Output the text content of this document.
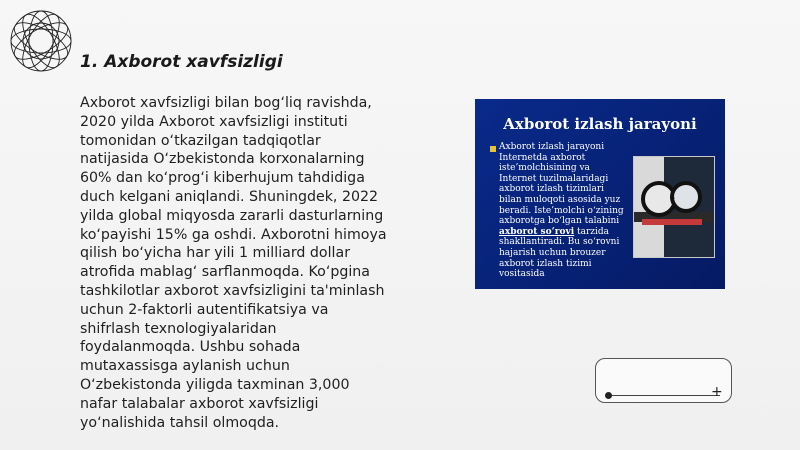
1. Axborot xavfsizligi

Axborot xavfsizligi bilan bog‘liq ravishda, 2020 yilda Axborot xavfsizligi instituti tomonidan o‘tkazilgan tadqiqotlar natijasida O‘zbekistonda korxonalarning 60% dan ko‘prog‘i kiberhujum tahdidiga duch kelgani aniqlandi. Shuningdek, 2022 yilda global miqyosda zararli dasturlarning ko‘payishi 15% ga oshdi. Axborotni himoya qilish bo‘yicha har yili 1 milliard dollar atrofida mablag‘ sarflanmoqda. Ko‘pgina tashkilotlar axborot xavfsizligini ta'minlash uchun 2-faktorli autentifikatsiya va shifrlash texnologiyalaridan foydalanmoqda. Ushbu sohada mutaxassisga aylanish uchun O‘zbekistonda yiligda taxminan 3,000 nafar talabalar axborot xavfsizligi yo‘nalishida tahsil olmoqda.

Axborot izlash jarayoni
Axborot izlash jarayoni Internetda axborot iste’molchisining va Internet tuzilmalaridagi axborot izlash tizimlari bilan muloqoti asosida yuz beradi. Iste’molchi o‘zining axborotga bo‘lgan talabini axborot so‘rovi tarzida shakllantiradi. Bu so‘rovni hajarish uchun brouzer axborot izlash tizimi vositasida
+
